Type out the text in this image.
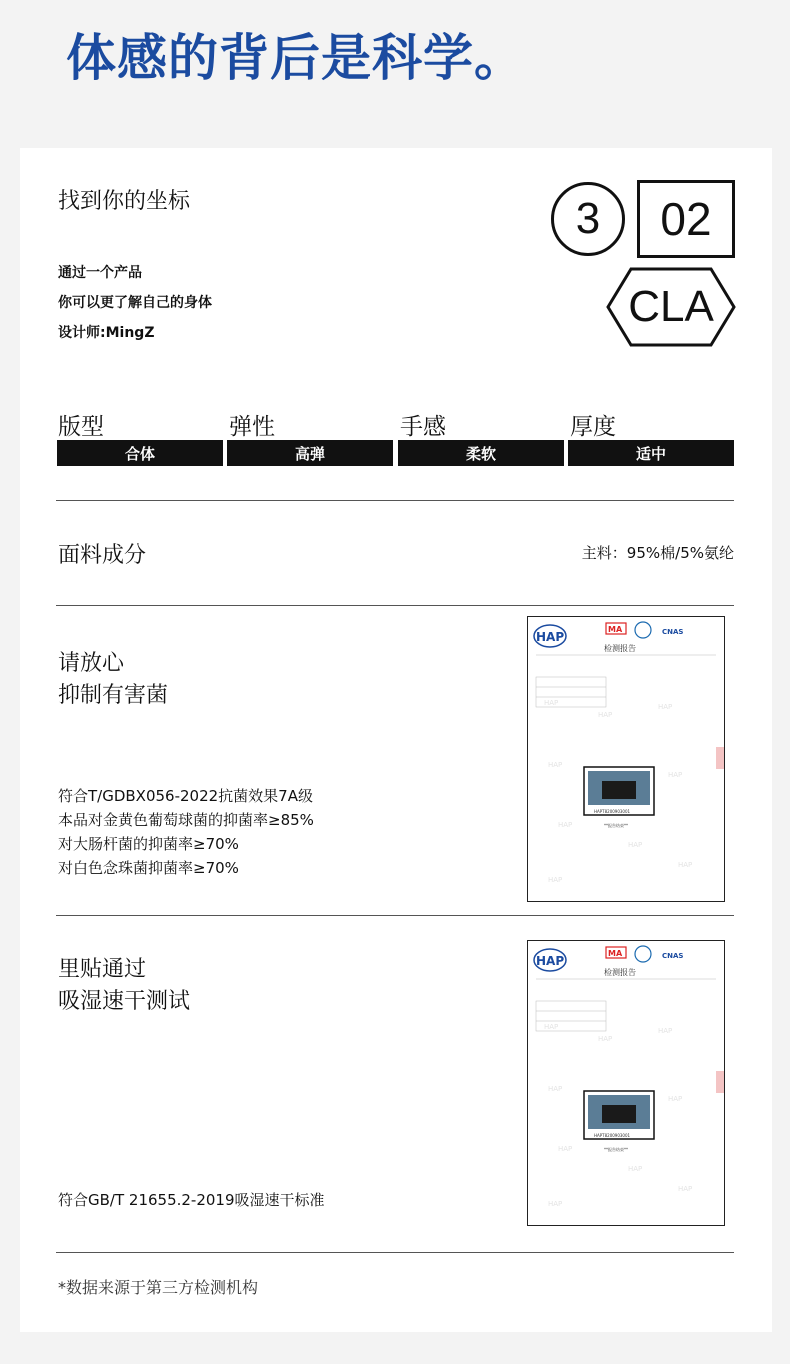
体感的背后是科学。
找到你的坐标
通过一个产品
你可以更了解自己的身体
设计师:MingZ
3	02
CLA
版型	弹性	手感	厚度
合体	高弹	柔软	适中
面料成分	主料：95%棉/5%氨纶
请放心
抑制有害菌
符合T/GDBX056-2022抗菌效果7A级
本品对金黄色葡萄球菌的抑菌率≥85%
对大肠杆菌的抑菌率≥70%
对白色念珠菌抑菌率≥70%
HAP
HAP
HAP
HAP
HAP
HAP
HAP
HAP
HAP
HAP
MA	CNAS
检测报告
HAPT8200903001
**报告结束**
里贴通过
吸湿速干测试
符合GB/T 21655.2-2019吸湿速干标准
HAP
HAP
HAP
HAP
HAP
HAP
HAP
HAP
HAP
HAP
MA	CNAS
检测报告
HAPT8200903001
**报告结束**
*数据来源于第三方检测机构
